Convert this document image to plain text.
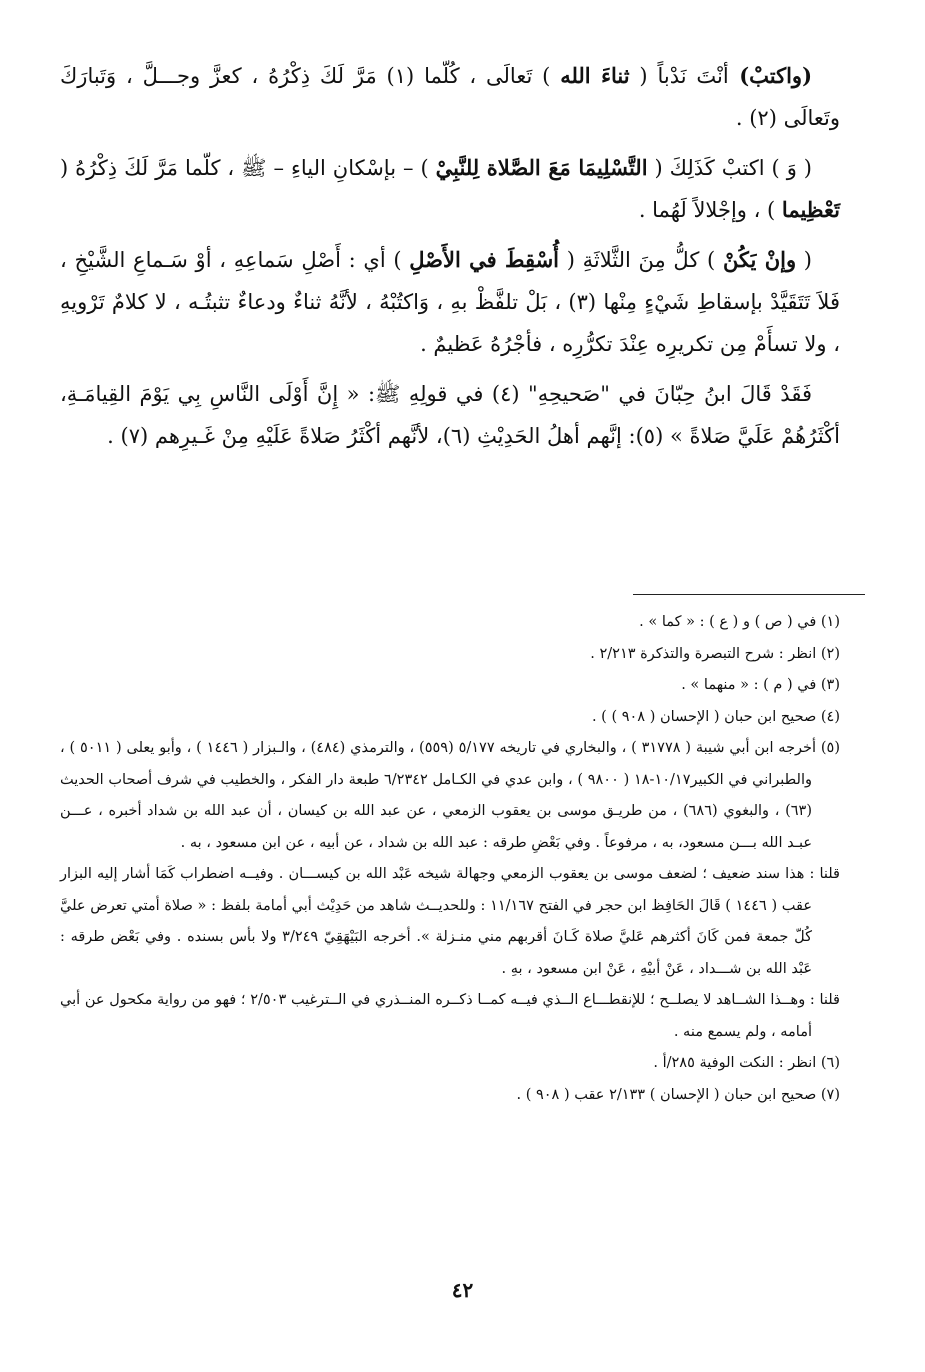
(واكتبْ) أنْتَ نَدْباً ( ثناءَ الله ) تَعالَى ، كُلّما (١) مَرَّ لَكَ ذِكْرُهُ ، كعزَّ وجـــلَّ ، وَتَبارَكَ وتَعالَى (٢) .

( وَ ) اكتبْ كَذَلِكَ ( التَّسْلِيمَا مَعَ الصَّلاة لِلنَّبِيْ ) – بإسْكانِ الياءِ – ﷺ ، كلّما مَرَّ لَكَ ذِكْرُهُ ( تَعْظِيما ) ، وإجْلالاً لَهُما .

( وإنْ يَكُنْ ) كلُّ مِنَ الثَّلاثَةِ ( أُسْقِطَ في الأَصْلِ ) أي : أَصْلِ سَماعِهِ ، أوْ سَـماعِ الشَّيْخِ ، فَلاَ تَتَقَيَّدْ بإسقاطِ شَيْءٍ مِنْها (٣) ، بَلْ تلفَّظْ بهِ ، وَاكتُبْهُ ، لأنَّهُ ثناءٌ ودعاءٌ تثبتُـه ، لا كلامٌ تَرْويهِ ، ولا تسأَمْ مِن تكريرِه عِنْدَ تكرُّرِه ، فأجْرُهُ عَظيمٌ .

فَقَدْ قَالَ ابنُ حِبّانَ في "صَحيحِهِ" (٤) في قولِهِ ﷺ: « إِنَّ أَوْلَى النَّاسِ بِي يَوْمَ القِيامَـةِ، أكْثَرُهُمْ عَلَيَّ صَلاةً » (٥): إنَّهم أهلُ الحَدِيْثِ (٦)، لأنَّهم أكْثَرُ صَلاةً عَلَيْهِ مِنْ غَـيرِهم (٧) .

(١) في ( ص ) و ( ع ) : « كما » .

(٢) انظر : شرح التبصرة والتذكرة ٢/٢١٣ .

(٣) في ( م ) : « منهما » .

(٤) صحيح ابن حبان ( الإحسان ( ٩٠٨ ) ) .

(٥) أخرجه ابن أبي شيبة ( ٣١٧٧٨ ) ، والبخاري في تاريخه ٥/١٧٧ (٥٥٩) ، والترمذي (٤٨٤) ، والـبزار ( ١٤٤٦ ) ، وأبو يعلى ( ٥٠١١ ) ، والطبراني في الكبير١٠/١٧-١٨ ( ٩٨٠٠ ) ، وابن عدي في الكـامل ٦/٢٣٤٢ طبعة دار الفكر ، والخطيب في شرف أصحاب الحديث (٦٣) ، والبغوي (٦٨٦) ، من طريـق موسى بن يعقوب الزمعي ، عن عبد الله بن كيسان ، أن عبد الله بن شداد أخبره ، عـــن عبـد الله بـــن مسعود، به ، مرفوعاً . وفي بَعْضِ طرقه : عبد الله بن شداد ، عن أبيه ، عن ابن مسعود ، به .

قلنا : هذا سند ضعيف ؛ لضعف موسى بن يعقوب الزمعي وجهالة شيخه عَبْد الله بن كيســـان . وفيــه اضطراب كَمَا أشار إليه البزار عقب ( ١٤٤٦ ) قَالَ الحَافِظ ابن حجر في الفتح ١١/١٦٧ : وللحديــث شاهد من حَدِيْث أبي أمامة بلفظ : « صلاة أمتي تعرض عليَّ كُلّ جمعة فمن كَانَ أكثرهم عَليَّ صلاة كَـانَ أقربهم مني منـزلة ». أخرجه البَيْهَقِيّ ٣/٢٤٩ ولا بأس بسنده . وفي بَعْض طرقه : عَبْد الله بن شـــداد ، عَنْ أبيْهِ ، عَنْ ابن مسعود ، بهِ .

قلنا : وهــذا الشــاهد لا يصلــح ؛ للإنقطـــاع الــذي فيــه كمــا ذكــره المنــذري في الــترغيب ٢/٥٠٣ ؛ فهو من رواية مكحول عن أبي أمامه ، ولم يسمع منه .

(٦) انظر : النكت الوفية ٢٨٥/أ .

(٧) صحيح ابن حبان ( الإحسان ) ٢/١٣٣ عقب ( ٩٠٨ ) .

٤٢
